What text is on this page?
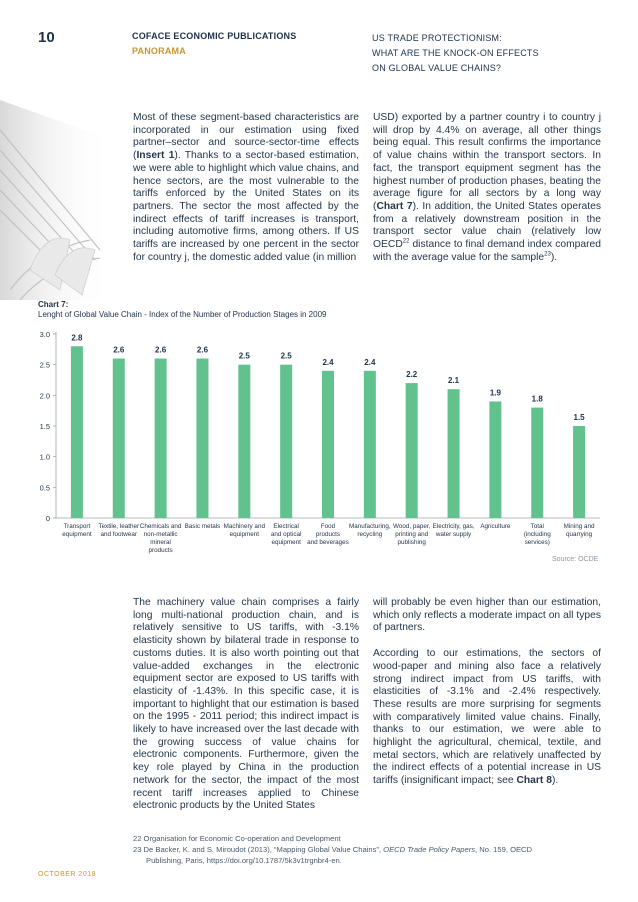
10	COFACE ECONOMIC PUBLICATIONS
PANORAMA
US TRADE PROTECTIONISM:
WHAT ARE THE KNOCK-ON EFFECTS
ON GLOBAL VALUE CHAINS?

Most of these segment-based characteristics are incorporated in our estimation using fixed partner–sector and source-sector-time effects (Insert 1). Thanks to a sector-based estimation, we were able to highlight which value chains, and hence sectors, are the most vulnerable to the tariffs enforced by the United States on its partners. The sector the most affected by the indirect effects of tariff increases is transport, including automotive firms, among others. If US tariffs are increased by one percent in the sector for country j, the domestic added value (in million

USD) exported by a partner country i to country j will drop by 4.4% on average, all other things being equal. This result confirms the importance of value chains within the transport sectors. In fact, the transport equipment segment has the highest number of production phases, beating the average figure for all sectors by a long way (Chart 7). In addition, the United States operates from a relatively downstream position in the transport sector value chain (relatively low OECD$^{22}$ distance to final demand index compared with the average value for the sample$^{23}$).

Chart 7:
Lenght of Global Value Chain - Index of the Number of Production Stages in 2009
0
0.5
1.0
1.5
2.0
2.5
3.0	2.8
Transport
equipment
2.6
Textile, leather
and footwear
2.6
Chemicals and
non-metallic
mineral
products
2.6
Basic metals
2.5
Machinery and
equipment
2.5
Electrical
and optical
equipment
2.4
Food
products
and beverages
2.4
Manufacturing,
recycling
2.2
Wood, paper,
printing and
publishing
2.1
Electricity, gas,
water supply
1.9
Agriculture
1.8
Total
(including
services)
1.5
Mining and
quarrying
Source: OCDE

The machinery value chain comprises a fairly long multi-national production chain, and is relatively sensitive to US tariffs, with -3.1% elasticity shown by bilateral trade in response to customs duties. It is also worth pointing out that value-added exchanges in the electronic equipment sector are exposed to US tariffs with elasticity of -1.43%. In this specific case, it is important to highlight that our estimation is based on the 1995 - 2011 period; this indirect impact is likely to have increased over the last decade with the growing success of value chains for electronic components. Furthermore, given the key role played by China in the production network for the sector, the impact of the most recent tariff increases applied to Chinese electronic products by the United States

will probably be even higher than our estimation, which only reflects a moderate impact on all types of partners.

According to our estimations, the sectors of wood-paper and mining also face a relatively strong indirect impact from US tariffs, with elasticities of -3.1% and -2.4% respectively. These results are more surprising for segments with comparatively limited value chains. Finally, thanks to our estimation, we were able to highlight the agricultural, chemical, textile, and metal sectors, which are relatively unaffected by the indirect effects of a potential increase in US tariffs (insignificant impact; see Chart 8).

22 Organisation for Economic Co-operation and Development
23 De Backer, K. and S. Miroudot (2013), “Mapping Global Value Chains”, OECD Trade Policy Papers, No. 159, OECD
Publishing, Paris, https://doi.org/10.1787/5k3v1trgnbr4-en.
OCTOBER 2018
